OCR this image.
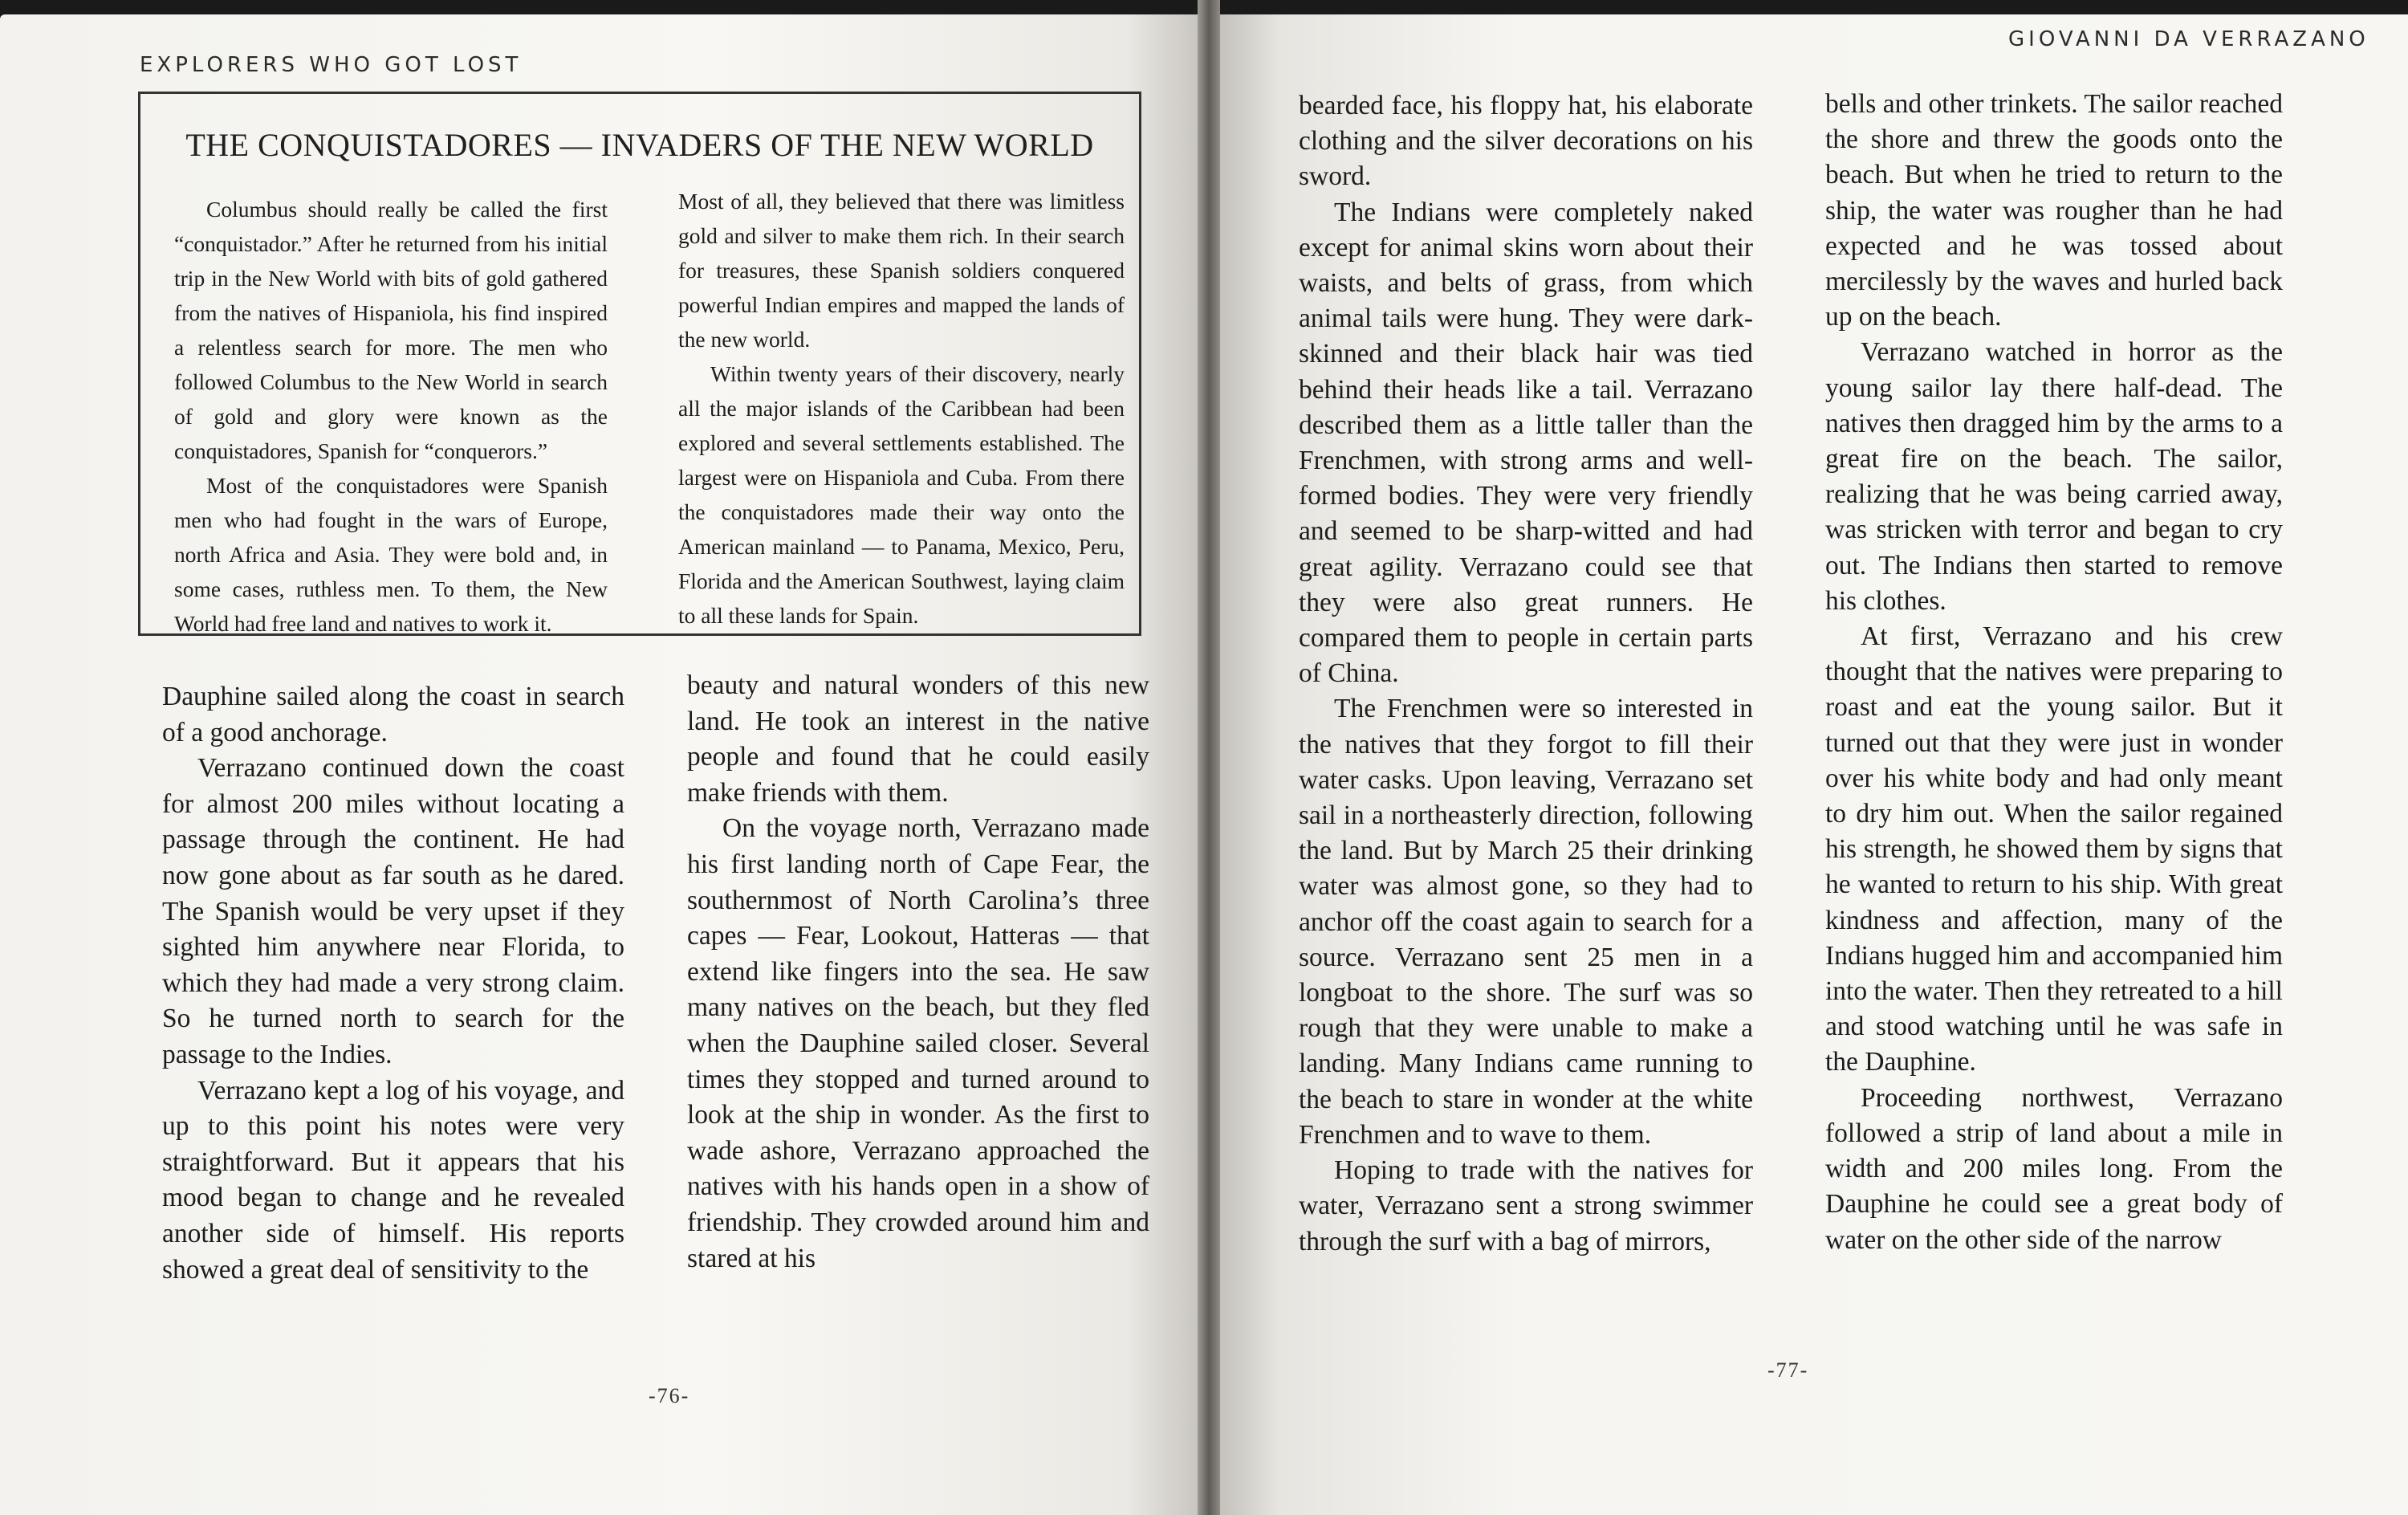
EXPLORERS WHO GOT LOST
THE CONQUISTADORES — INVADERS OF THE NEW WORLD

Columbus should really be called the first “conquistador.” After he returned from his initial trip in the New World with bits of gold gathered from the natives of Hispaniola, his find inspired a relentless search for more. The men who followed Columbus to the New World in search of gold and glory were known as the conquistadores, Spanish for “conquerors.”

Most of the conquistadores were Spanish men who had fought in the wars of Europe, north Africa and Asia. They were bold and, in some cases, ruthless men. To them, the New World had free land and natives to work it.

Most of all, they believed that there was limitless gold and silver to make them rich. In their search for treasures, these Spanish soldiers conquered powerful Indian empires and mapped the lands of the new world.

Within twenty years of their discovery, nearly all the major islands of the Caribbean had been explored and several settlements established. The largest were on Hispaniola and Cuba. From there the conquistadores made their way onto the American mainland — to Panama, Mexico, Peru, Florida and the American Southwest, laying claim to all these lands for Spain.

Dauphine sailed along the coast in search of a good anchorage.

Verrazano continued down the coast for almost 200 miles without locating a passage through the continent. He had now gone about as far south as he dared. The Spanish would be very upset if they sighted him anywhere near Florida, to which they had made a very strong claim. So he turned north to search for the passage to the Indies.

Verrazano kept a log of his voyage, and up to this point his notes were very straightforward. But it appears that his mood began to change and he revealed another side of himself. His reports showed a great deal of sensitivity to the

beauty and natural wonders of this new land. He took an interest in the native people and found that he could easily make friends with them.

On the voyage north, Verrazano made his first landing north of Cape Fear, the southernmost of North Carolina’s three capes — Fear, Lookout, Hatteras — that extend like fingers into the sea. He saw many natives on the beach, but they fled when the Dauphine sailed closer. Several times they stopped and turned around to look at the ship in wonder. As the first to wade ashore, Verrazano approached the natives with his hands open in a show of friendship. They crowded around him and stared at his

-76-
GIOVANNI DA VERRAZANO

bearded face, his floppy hat, his elaborate clothing and the silver decorations on his sword.

The Indians were completely naked except for animal skins worn about their waists, and belts of grass, from which animal tails were hung. They were dark-skinned and their black hair was tied behind their heads like a tail. Verrazano described them as a little taller than the Frenchmen, with strong arms and well-formed bodies. They were very friendly and seemed to be sharp-witted and had great agility. Verrazano could see that they were also great runners. He compared them to people in certain parts of China.

The Frenchmen were so interested in the natives that they forgot to fill their water casks. Upon leaving, Verrazano set sail in a northeasterly direction, following the land. But by March 25 their drinking water was almost gone, so they had to anchor off the coast again to search for a source. Verrazano sent 25 men in a longboat to the shore. The surf was so rough that they were unable to make a landing. Many Indians came running to the beach to stare in wonder at the white Frenchmen and to wave to them.

Hoping to trade with the natives for water, Verrazano sent a strong swimmer through the surf with a bag of mirrors,

bells and other trinkets. The sailor reached the shore and threw the goods onto the beach. But when he tried to return to the ship, the water was rougher than he had expected and he was tossed about mercilessly by the waves and hurled back up on the beach.

Verrazano watched in horror as the young sailor lay there half-dead. The natives then dragged him by the arms to a great fire on the beach. The sailor, realizing that he was being carried away, was stricken with terror and began to cry out. The Indians then started to remove his clothes.

At first, Verrazano and his crew thought that the natives were preparing to roast and eat the young sailor. But it turned out that they were just in wonder over his white body and had only meant to dry him out. When the sailor regained his strength, he showed them by signs that he wanted to return to his ship. With great kindness and affection, many of the Indians hugged him and accompanied him into the water. Then they retreated to a hill and stood watching until he was safe in the Dauphine.

Proceeding northwest, Verrazano followed a strip of land about a mile in width and 200 miles long. From the Dauphine he could see a great body of water on the other side of the narrow

-77-
